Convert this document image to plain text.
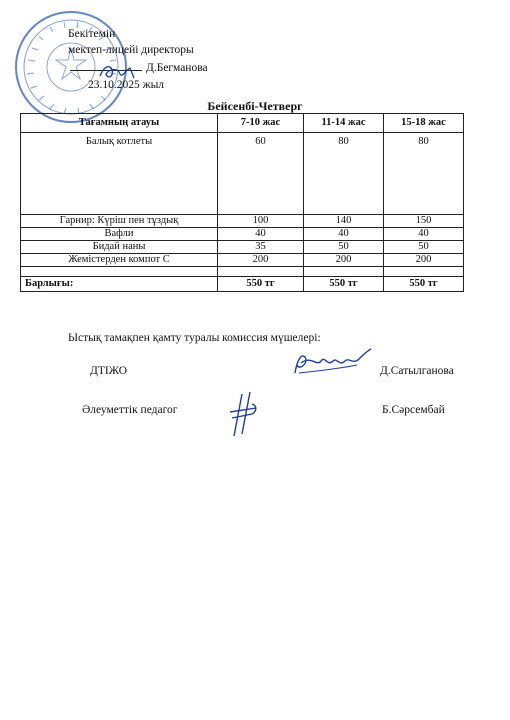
Бекітемін
мектеп-лицейі директоры
Д.Бегманова
23.10.2025 жыл
Бейсенбі-Четверг
Тағамның атауы	7-10 жас	11-14 жас	15-18 жас
Балық котлеты	60	80	80
Гарнир: Күріш пен тұздық	100	140	150
Вафли	40	40	40
Бидай наны	35	50	50
Жемістерден компот С	200	200	200

Барлығы:	550 тг	550 тг	550 тг
Ыстық тамақпен қамту туралы комиссия мүшелері:
ДТІЖО	Д.Сатылганова
Әлеуметтік педагог	Б.Сәрсембай
